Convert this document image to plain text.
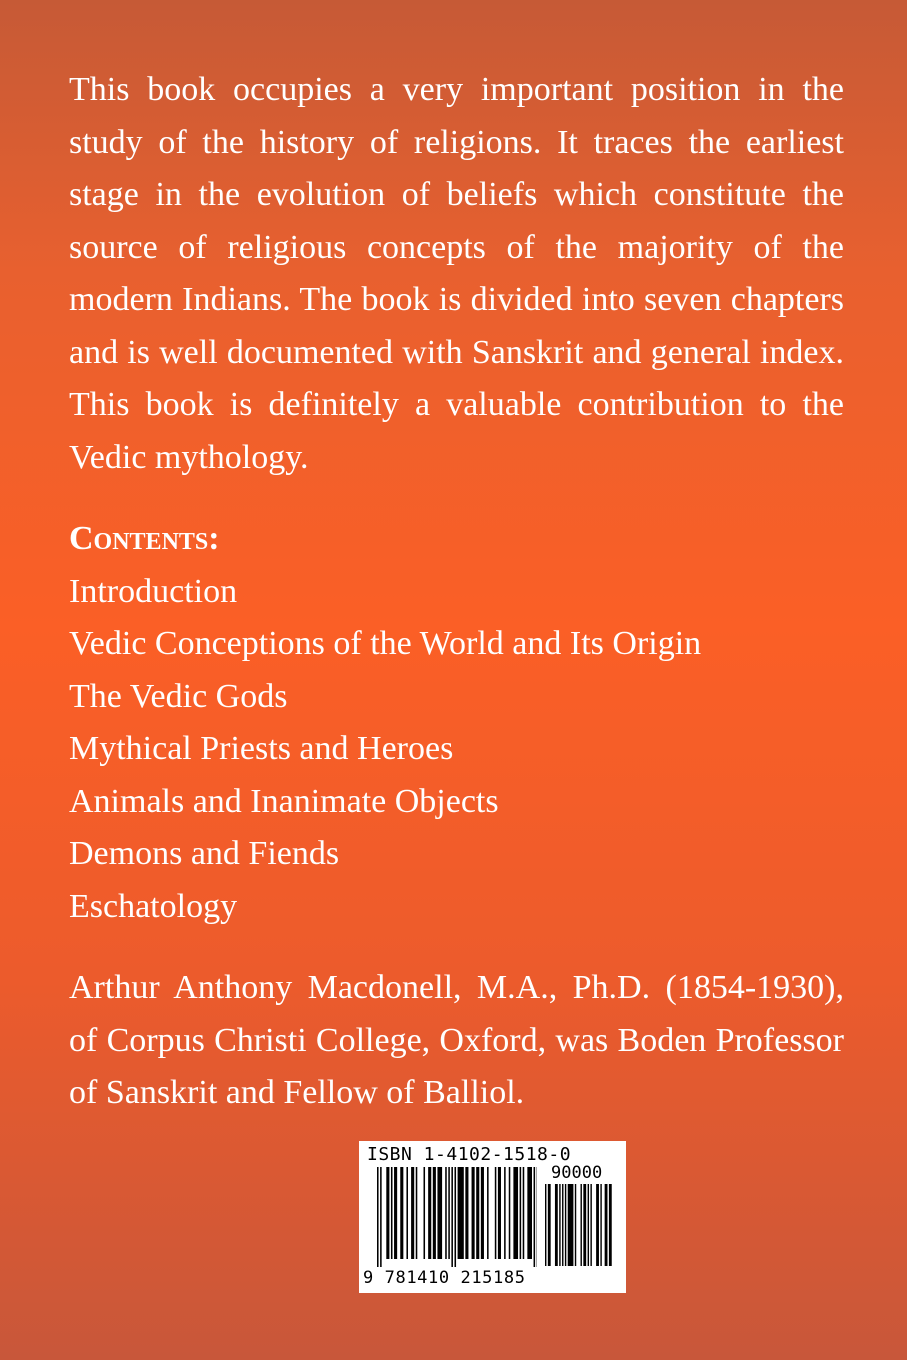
This book occupies a very important position in the study of the history of religions. It traces the earliest stage in the evolution of beliefs which constitute the source of religious concepts of the majority of the modern Indians. The book is divided into seven chapters and is well documented with Sanskrit and general index. This book is definitely a valuable contribution to the Vedic mythology.

Contents:
Introduction
Vedic Conceptions of the World and Its Origin
The Vedic Gods
Mythical Priests and Heroes
Animals and Inanimate Objects
Demons and Fiends
Eschatology

Arthur Anthony Macdonell, M.A., Ph.D. (1854-1930), of Corpus Christi College, Oxford, was Boden Professor of Sanskrit and Fellow of Balliol.

ISBN 1-4102-1518-0
90000
9 781410 215185
